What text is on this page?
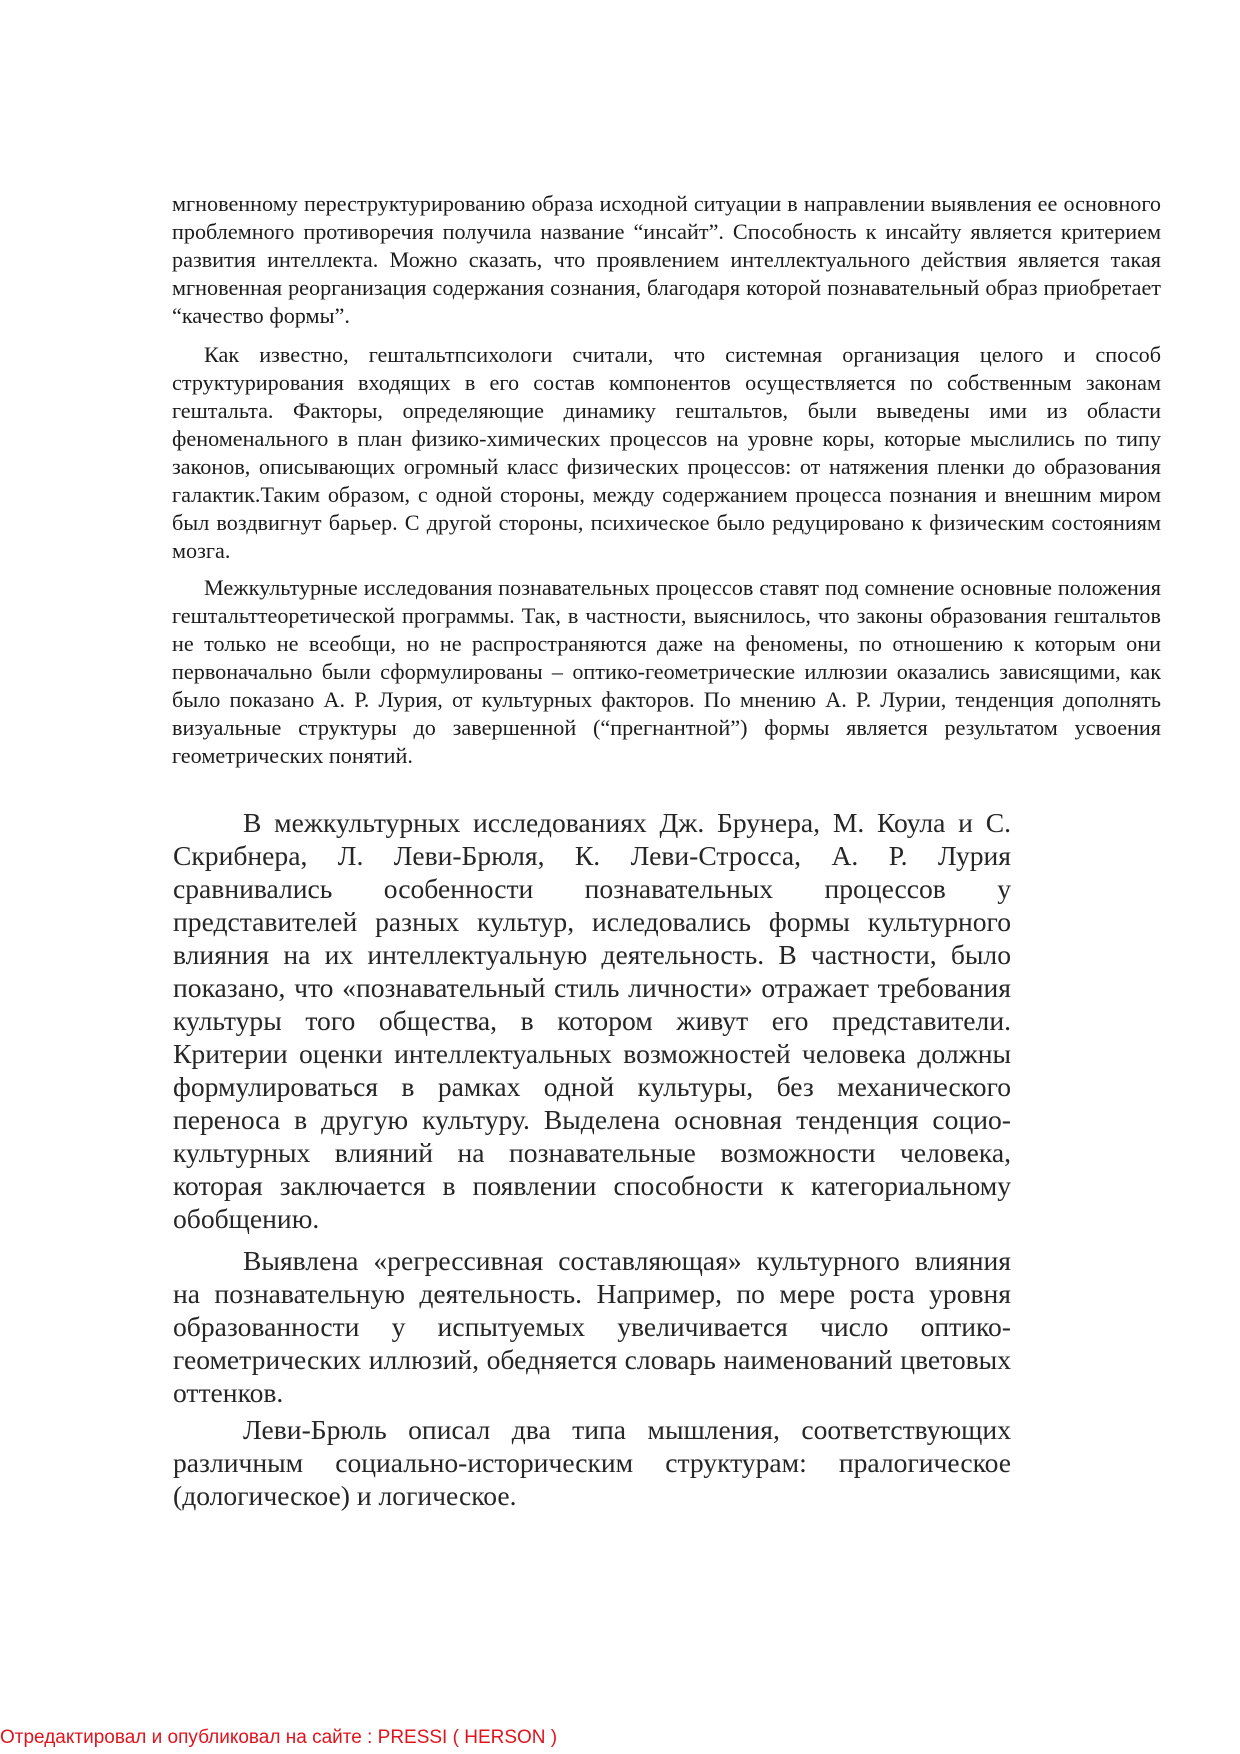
мгновенному переструктурированию образа исходной ситуации в направлении выявления ее основного проблемного противоречия получила название “инсайт”. Способность к инсайту является критерием развития интеллекта. Можно сказать, что проявлением интеллектуального действия является такая мгновенная реорганизация содержания сознания, благодаря которой познавательный образ приобретает “качество формы”.

Как известно, гештальтпсихологи считали, что системная организация целого и способ структурирования входящих в его состав компонентов осуществляется по собственным законам гештальта. Факторы, определяющие динамику гештальтов, были выведены ими из области феноменального в план физико-химических процессов на уровне коры, которые мыслились по типу законов, описывающих огромный класс физических процессов: от натяжения пленки до образования галактик.Таким образом, с одной стороны, между содержанием процесса познания и внешним миром был воздвигнут барьер. С другой стороны, психическое было редуцировано к физическим состояниям мозга.

Межкультурные исследования познавательных процессов ставят под сомнение основные положения гештальттеоретической программы. Так, в частности, выяснилось, что законы образования гештальтов не только не всеобщи, но не распространяются даже на феномены, по отношению к которым они первоначально были сформулированы – оптико-геометрические иллюзии оказались зависящими, как было показано А. Р. Лурия, от культурных факторов. По мнению А. Р. Лурии, тенденция дополнять визуальные структуры до завершенной (“прегнантной”) формы является результатом усвоения геометрических понятий.

В межкультурных исследованиях Дж. Брунера, М. Коула и С. Скрибнера, Л. Леви-Брюля, К. Леви-Стросса, А. Р. Лурия сравнивались особенности познавательных процессов у представителей разных культур, иследовались формы культурного влияния на их интеллектуальную деятельность. В частности, было показано, что «познавательный стиль личности» отражает требования культуры того общества, в котором живут его представители. Критерии оценки интеллектуальных возможностей человека должны формулироваться в рамках одной культуры, без механического переноса в другую культуру. Выделена основная тенденция социо-культурных влияний на познавательные возможности человека, которая заключается в появлении способности к категориальному обобщению.

Выявлена «регрессивная составляющая» культурного влияния на познавательную деятельность. Например, по мере роста уровня образованности у испытуемых увеличивается число оптико-геометрических иллюзий, обедняется словарь наименований цветовых оттенков.

Леви-Брюль описал два типа мышления, соответствующих различным социально-историческим структурам: пралогическое (дологическое) и логическое.

Отредактировал и опубликовал на сайте : PRESSI ( HERSON )
